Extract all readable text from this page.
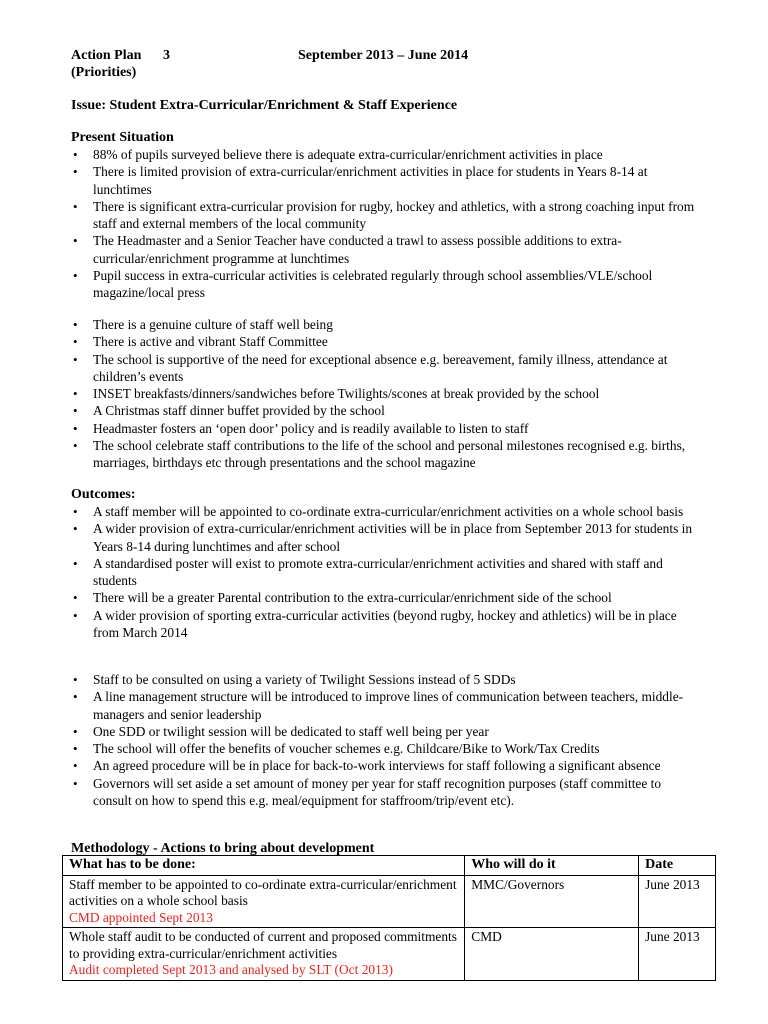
Action Plan 3	September 2013 – June 2014
(Priorities)
Issue: Student Extra-Curricular/Enrichment & Staff Experience
Present Situation
• 88% of pupils surveyed believe there is adequate extra-curricular/enrichment activities in place
• There is limited provision of extra-curricular/enrichment activities in place for students in Years 8-14 at lunchtimes
• There is significant extra-curricular provision for rugby, hockey and athletics, with a strong coaching input from staff and external members of the local community
• The Headmaster and a Senior Teacher have conducted a trawl to assess possible additions to extra-curricular/enrichment programme at lunchtimes
• Pupil success in extra-curricular activities is celebrated regularly through school assemblies/VLE/school magazine/local press
• There is a genuine culture of staff well being
• There is active and vibrant Staff Committee
• The school is supportive of the need for exceptional absence e.g. bereavement, family illness, attendance at children’s events
• INSET breakfasts/dinners/sandwiches before Twilights/scones at break provided by the school
• A Christmas staff dinner buffet provided by the school
• Headmaster fosters an ‘open door’ policy and is readily available to listen to staff
• The school celebrate staff contributions to the life of the school and personal milestones recognised e.g. births, marriages, birthdays etc through presentations and the school magazine
Outcomes:
• A staff member will be appointed to co-ordinate extra-curricular/enrichment activities on a whole school basis
• A wider provision of extra-curricular/enrichment activities will be in place from September 2013 for students in Years 8-14 during lunchtimes and after school
• A standardised poster will exist to promote extra-curricular/enrichment activities and shared with staff and students
• There will be a greater Parental contribution to the extra-curricular/enrichment side of the school
• A wider provision of sporting extra-curricular activities (beyond rugby, hockey and athletics) will be in place from March 2014
• Staff to be consulted on using a variety of Twilight Sessions instead of 5 SDDs
• A line management structure will be introduced to improve lines of communication between teachers, middle-managers and senior leadership
• One SDD or twilight session will be dedicated to staff well being per year
• The school will offer the benefits of voucher schemes e.g. Childcare/Bike to Work/Tax Credits
• An agreed procedure will be in place for back-to-work interviews for staff following a significant absence
• Governors will set aside a set amount of money per year for staff recognition purposes (staff committee to consult on how to spend this e.g. meal/equipment for staffroom/trip/event etc).
Methodology - Actions to bring about development
What has to be done:	Who will do it	Date
Staff member to be appointed to co-ordinate extra-curricular/enrichment activities on a whole school basis
CMD appointed Sept 2013	MMC/Governors	June 2013
Whole staff audit to be conducted of current and proposed commitments to providing extra-curricular/enrichment activities
Audit completed Sept 2013 and analysed by SLT (Oct 2013)	CMD	June 2013
